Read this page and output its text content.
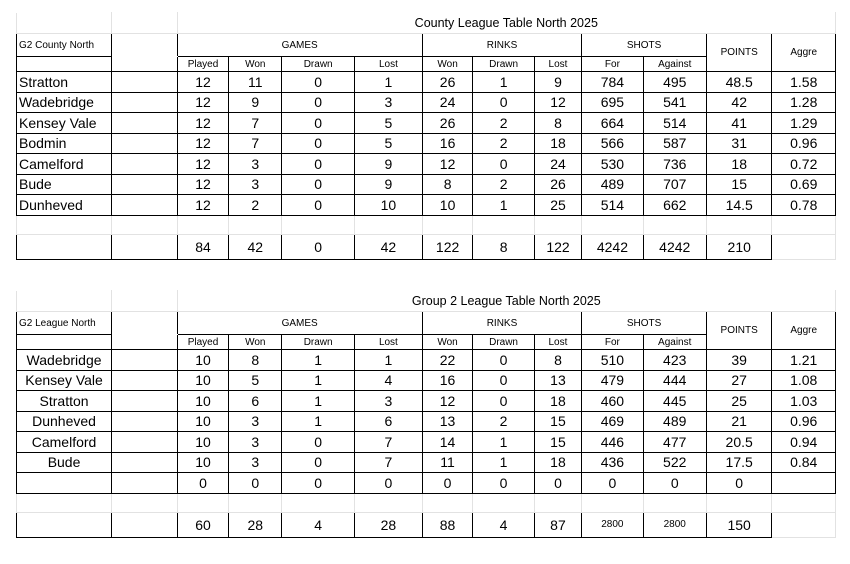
		County League Table North 2025										
G2 County North		GAMES				RINKS			SHOTS		POINTS	Aggre
		Played	Won	Drawn	Lost	Won	Drawn	Lost	For	Against		
Stratton		12	11	0	1	26	1	9	784	495	48.5	1.58
Wadebridge		12	9	0	3	24	0	12	695	541	42	1.28
Kensey Vale		12	7	0	5	26	2	8	664	514	41	1.29
Bodmin		12	7	0	5	16	2	18	566	587	31	0.96
Camelford		12	3	0	9	12	0	24	530	736	18	0.72
Bude		12	3	0	9	8	2	26	489	707	15	0.69
Dunheved		12	2	0	10	10	1	25	514	662	14.5	0.78

		84	42	0	42	122	8	122	4242	4242	210	
		Group 2 League Table North 2025										
G2 League North		GAMES				RINKS			SHOTS		POINTS	Aggre
		Played	Won	Drawn	Lost	Won	Drawn	Lost	For	Against		
Wadebridge		10	8	1	1	22	0	8	510	423	39	1.21
Kensey Vale		10	5	1	4	16	0	13	479	444	27	1.08
Stratton		10	6	1	3	12	0	18	460	445	25	1.03
Dunheved		10	3	1	6	13	2	15	469	489	21	0.96
Camelford		10	3	0	7	14	1	15	446	477	20.5	0.94
Bude		10	3	0	7	11	1	18	436	522	17.5	0.84
		0	0	0	0	0	0	0	0	0	0	

		60	28	4	28	88	4	87	2800	2800	150	
